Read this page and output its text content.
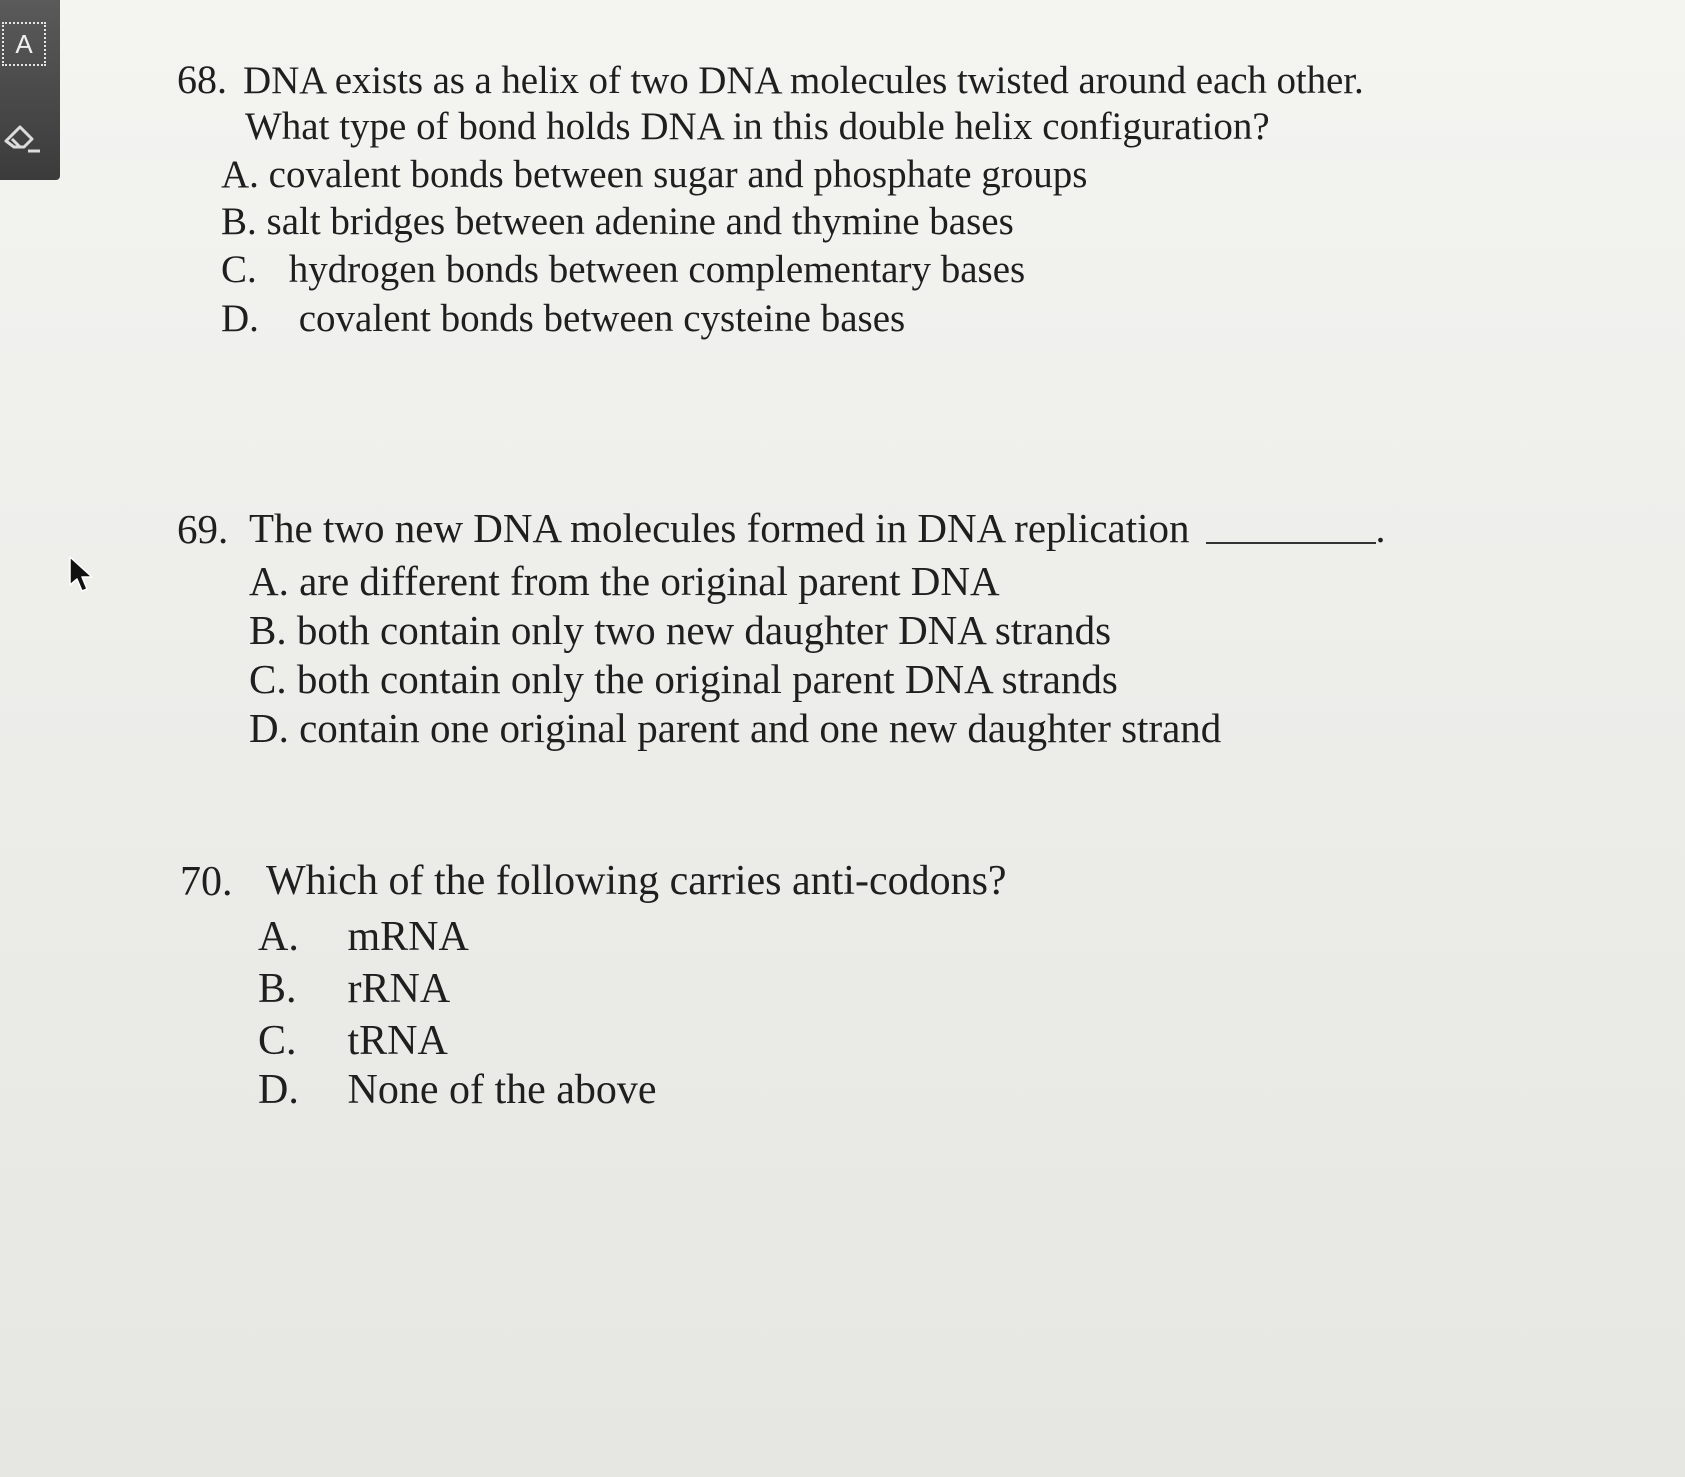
A
68. DNA exists as a helix of two DNA molecules twisted around each other.
What type of bond holds DNA in this double helix configuration?
A. covalent bonds between sugar and phosphate groups
B. salt bridges between adenine and thymine bases
C. hydrogen bonds between complementary bases
D. covalent bonds between cysteine bases
69. The two new DNA molecules formed in DNA replication	.
A. are different from the original parent DNA
B. both contain only two new daughter DNA strands
C. both contain only the original parent DNA strands
D. contain one original parent and one new daughter strand
70. Which of the following carries anti-codons?
A. mRNA
B. rRNA
C. tRNA
D. None of the above
